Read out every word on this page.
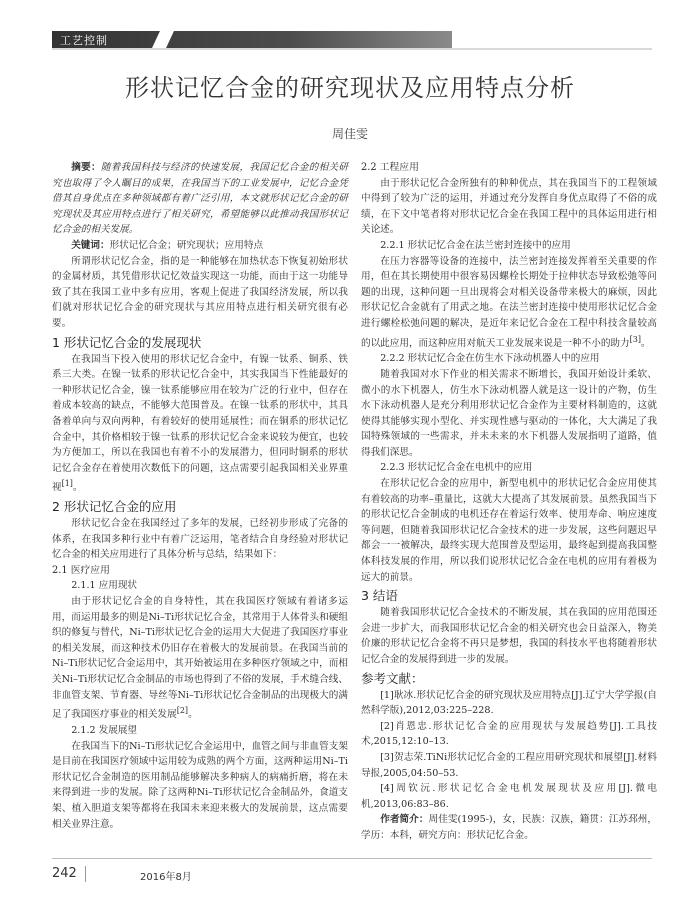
工艺控制
形状记忆合金的研究现状及应用特点分析
周佳雯

摘要：随着我国科技与经济的快速发展，我国记忆合金的相关研究也取得了令人瞩目的成果，在我国当下的工业发展中，记忆合金凭借其自身优点在多种领域都有着广泛引用，本文就形状记忆合金的研究现状及其应用特点进行了相关研究，希望能够以此推动我国形状记忆合金的相关发展。

关键词：形状记忆合金；研究现状；应用特点

所谓形状记忆合金，指的是一种能够在加热状态下恢复初始形状的金属材质，其凭借形状记忆效益实现这一功能，而由于这一功能导致了其在我国工业中多有应用，客观上促进了我国经济发展，所以我们就对形状记忆合金的研究现状与其应用特点进行相关研究很有必要。

1 形状记忆合金的发展现状

在我国当下投入使用的形状记忆合金中，有镍一钛系、铜系、铁系三大类。在镍一钛系的形状记忆合金中，其实我国当下性能最好的一种形状记忆合金，镍一钛系能够应用在较为广泛的行业中，但存在着成本较高的缺点，不能够大范围普及。在镍一钛系的形状中，其具备着单向与双向两种，有着较好的使用延展性；而在铜系的形状记忆合金中，其价格相较于镍一钛系的形状记忆合金来说较为便宜，也较为方便加工，所以在我国也有着不小的发展潜力，但同时铜系的形状记忆合金存在着使用次数低下的问题，这点需要引起我国相关业界重视[1]。

2 形状记忆合金的应用

形状记忆合金在我国经过了多年的发展，已经初步形成了完备的体系，在我国多种行业中有着广泛运用，笔者结合自身经验对形状记忆合金的相关应用进行了具体分析与总结，结果如下：

2.1 医疗应用
2.1.1 应用现状

由于形状记忆合金的自身特性，其在我国医疗领域有着诸多运用，而运用最多的则是Ni–Ti形状记忆合金，其常用于人体骨头和硬组织的修复与替代，Ni–Ti形状记忆合金的运用大大促进了我国医疗事业的相关发展，而这种技术仍旧存在着极大的发展前景。在我国当前的Ni–Ti形状记忆合金运用中，其开始被运用在多种医疗领域之中，而相关Ni–Ti形状记忆合金制品的市场也得到了不俗的发展，手术缝合线、非血管支架、节育器、导丝等Ni–Ti形状记忆合金制品的出现极大的满足了我国医疗事业的相关发展[2]。

2.1.2 发展展望

在我国当下的Ni–Ti形状记忆合金运用中，血管之间与非血管支架是目前在我国医疗领域中运用较为成熟的两个方面，这两种运用Ni–Ti形状记忆合金制造的医用制品能够解决多种病人的病痛折磨，将在未来得到进一步的发展。除了这两种Ni–Ti形状记忆合金制品外，食道支架、植入胆道支架等都将在我国未来迎来极大的发展前景，这点需要相关业界注意。

2.2 工程应用

由于形状记忆合金所独有的种种优点，其在我国当下的工程领域中得到了较为广泛的运用，并通过充分发挥自身优点取得了不俗的成绩，在下文中笔者将对形状记忆合金在我国工程中的具体运用进行相关论述。

2.2.1 形状记忆合金在法兰密封连接中的应用

在压力容器等设备的连接中，法兰密封连接发挥着至关重要的作用，但在其长期使用中很容易因螺栓长期处于拉伸状态导致松弛等问题的出现，这种问题一旦出现将会对相关设备带来极大的麻烦，因此形状记忆合金就有了用武之地。在法兰密封连接中使用形状记忆合金进行螺栓松弛问题的解决，是近年来记忆合金在工程中科技含量较高的以此应用，而这种应用对航天工业发展来说是一种不小的助力[3]。

2.2.2 形状记忆合金在仿生水下泳动机器人中的应用

随着我国对水下作业的相关需求不断增长，我国开始设计柔软、微小的水下机器人，仿生水下泳动机器人就是这一设计的产物，仿生水下泳动机器人是充分利用形状记忆合金作为主要材料制造的，这就使得其能够实现小型化、并实现性感与驱动的一体化，大大满足了我国特殊领域的一些需求，并未未来的水下机器人发展指明了道路，值得我们深思。

2.2.3 形状记忆合金在电机中的应用

在形状记忆合金的应用中，新型电机中的形状记忆合金应用使其有着较高的功率–重量比，这就大大提高了其发展前景。虽然我国当下的形状记忆合金制成的电机还存在着运行效率、使用寿命、响应速度等问题，但随着我国形状记忆合金技术的进一步发展，这些问题迟早都会一一被解决，最终实现大范围普及型运用，最终起到提高我国整体科技发展的作用，所以我们说形状记忆合金在电机的应用有着极为远大的前景。

3 结语

随着我国形状记忆合金技术的不断发展，其在我国的应用范围还会进一步扩大，而我国形状记忆合金的相关研究也会日益深入，物美价廉的形状记忆合金将不再只是梦想，我国的科技水平也将随着形状记忆合金的发展得到进一步的发展。

参考文献：

[1]耿冰.形状记忆合金的研究现状及应用特点[J].辽宁大学学报(自然科学版),2012,03:225–228.

[2]肖恩忠.形状记忆合金的应用现状与发展趋势[J].工具技术,2015,12:10–13.

[3]贺志荣.TiNi形状记忆合金的工程应用研究现状和展望[J].材料导报,2005,04:50–53.

[4]周钦沅.形状记忆合金电机发展现状及应用[J].微电机,2013,06:83–86.

作者简介：周佳雯(1995-)，女，民族：汉族，籍贯：江苏邳州，学历：本科，研究方向：形状记忆合金。

242	2016年8月
